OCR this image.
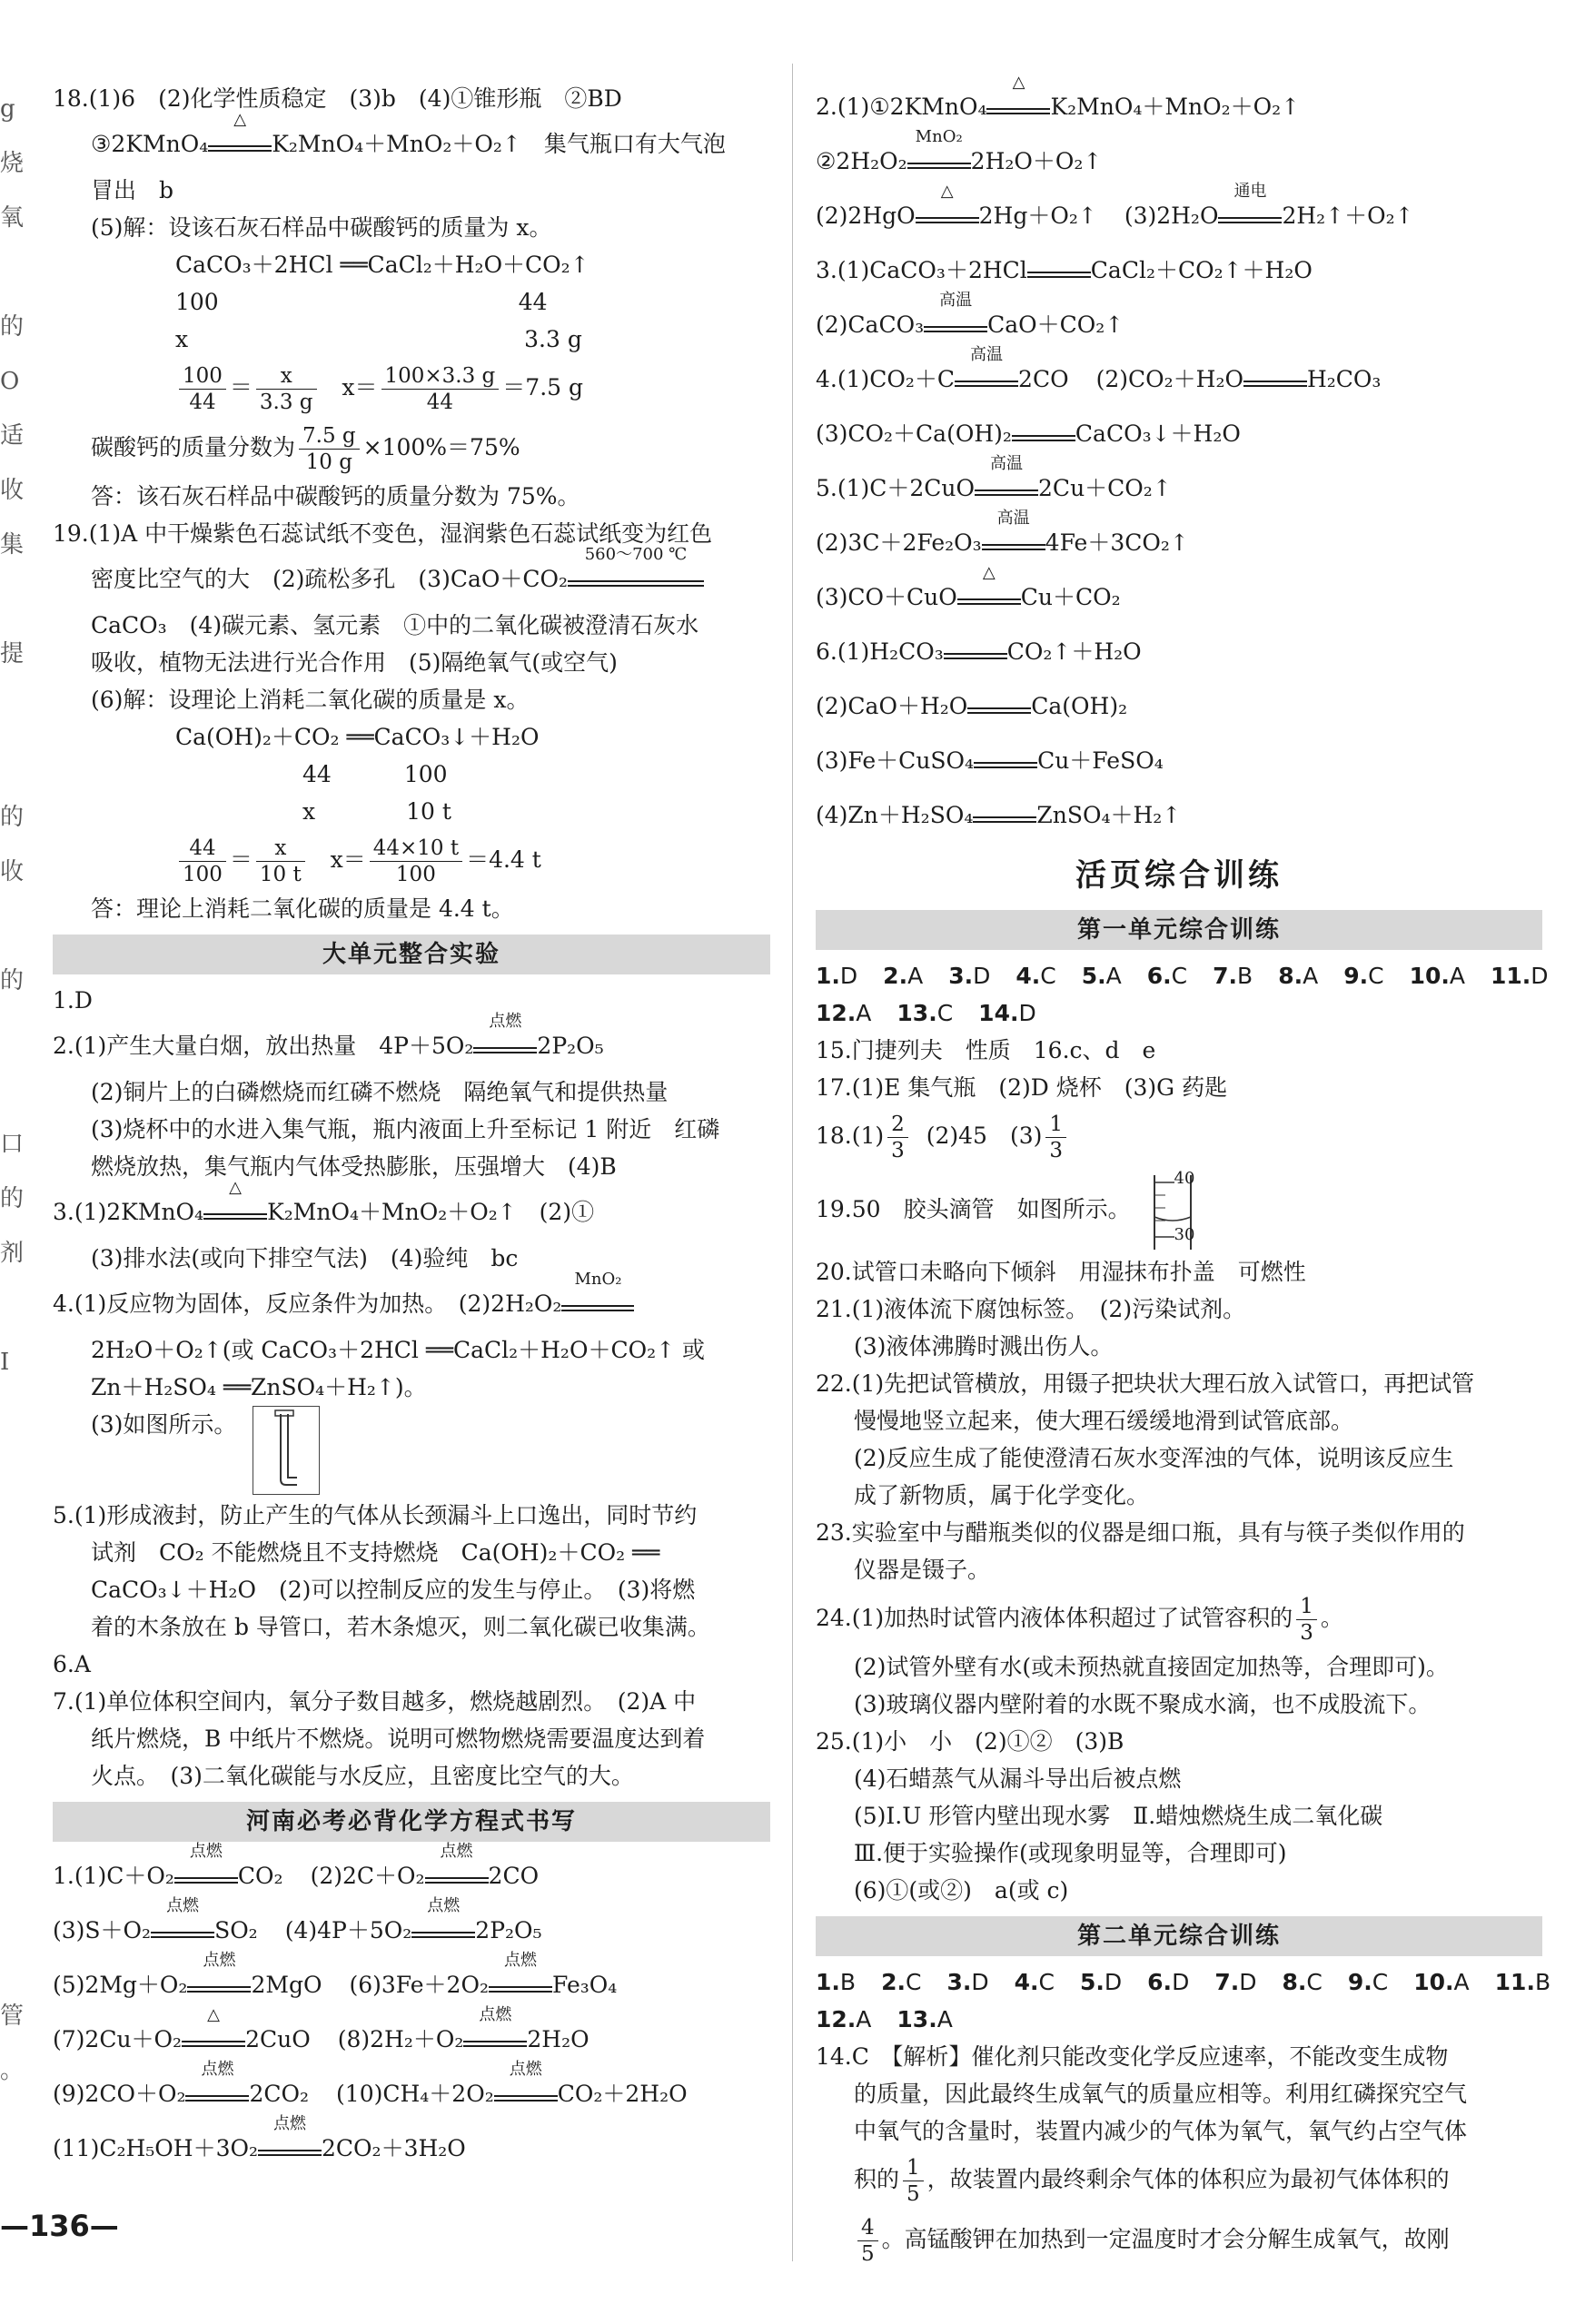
g
烧
氧
的
O
适
收
集
提
的
收
的
口
的
剂
Ⅰ
管
。
18.(1)6　(2)化学性质稳定　(3)b　(4)①锥形瓶　②BD
③2KMnO₄
△
K₂MnO₄＋MnO₂＋O₂↑　集气瓶口有大气泡
冒出　b
(5)解：设该石灰石样品中碳酸钙的质量为 x。
CaCO₃＋2HCl ══CaCl₂＋H₂O＋CO₂↑
100	44
x	3.3 g
$\frac{100}{44} = \frac{x}{3.3 g} x= \frac{100\times 3.3 g}{44} =7.5$ g
碳酸钙的质量分数为 $\frac{7.5 g}{10 g} \times 100\%=75\%$
答：该石灰石样品中碳酸钙的质量分数为 75%。
19.(1)A 中干燥紫色石蕊试纸不变色，湿润紫色石蕊试纸变为红色
密度比空气的大　(2)疏松多孔　(3)CaO＋CO₂
560～700 ℃
CaCO₃　(4)碳元素、氢元素　①中的二氧化碳被澄清石灰水
吸收，植物无法进行光合作用　(5)隔绝氧气(或空气)
(6)解：设理论上消耗二氧化碳的质量是 x。
Ca(OH)₂＋CO₂ ══CaCO₃↓＋H₂O
44	100
x	10 t
$\frac{44}{100} = \frac{x}{10 t} x= \frac{44\times 10 t}{100} =4.4$ t
答：理论上消耗二氧化碳的质量是 4.4 t。
大单元整合实验
1.D
2.(1)产生大量白烟，放出热量　4P＋5O₂
点燃
2P₂O₅
(2)铜片上的白磷燃烧而红磷不燃烧　隔绝氧气和提供热量
(3)烧杯中的水进入集气瓶，瓶内液面上升至标记 1 附近　红磷
燃烧放热，集气瓶内气体受热膨胀，压强增大　(4)B
3.(1)2KMnO₄
△
K₂MnO₄＋MnO₂＋O₂↑　(2)①
(3)排水法(或向下排空气法)　(4)验纯　bc
4.(1)反应物为固体，反应条件为加热。　(2)2H₂O₂
MnO₂
2H₂O＋O₂↑(或 CaCO₃＋2HCl ══CaCl₂＋H₂O＋CO₂↑ 或
Zn＋H₂SO₄ ══ZnSO₄＋H₂↑)。
(3)如图所示。
5.(1)形成液封，防止产生的气体从长颈漏斗上口逸出，同时节约
试剂　CO₂ 不能燃烧且不支持燃烧　Ca(OH)₂＋CO₂ ══
CaCO₃↓＋H₂O　(2)可以控制反应的发生与停止。　(3)将燃
着的木条放在 b 导管口，若木条熄灭，则二氧化碳已收集满。
6.A
7.(1)单位体积空间内，氧分子数目越多，燃烧越剧烈。　(2)A 中
纸片燃烧，B 中纸片不燃烧。说明可燃物燃烧需要温度达到着
火点。　(3)二氧化碳能与水反应，且密度比空气的大。
河南必考必背化学方程式书写
1.(1)C＋O₂
点燃
CO₂ (2)2C＋O₂
点燃
2CO
(3)S＋O₂
点燃
SO₂ (4)4P＋5O₂
点燃
2P₂O₅
(5)2Mg＋O₂
点燃
2MgO (6)3Fe＋2O₂
点燃
Fe₃O₄
(7)2Cu＋O₂
△
2CuO (8)2H₂＋O₂
点燃
2H₂O
(9)2CO＋O₂
点燃
2CO₂ (10)CH₄＋2O₂
点燃
CO₂＋2H₂O
(11)C₂H₅OH＋3O₂
点燃
2CO₂＋3H₂O
2.(1)①2KMnO₄
△
K₂MnO₄＋MnO₂＋O₂↑
②2H₂O₂
MnO₂
2H₂O＋O₂↑
(2)2HgO
△
2Hg＋O₂↑ (3)2H₂O
通电
2H₂↑＋O₂↑
3.(1)CaCO₃＋2HCl	CaCl₂＋CO₂↑＋H₂O
(2)CaCO₃
高温
CaO＋CO₂↑
4.(1)CO₂＋C
高温
2CO (2)CO₂＋H₂O	H₂CO₃
(3)CO₂＋Ca(OH)₂	CaCO₃↓＋H₂O
5.(1)C＋2CuO
高温
2Cu＋CO₂↑
(2)3C＋2Fe₂O₃
高温
4Fe＋3CO₂↑
(3)CO＋CuO
△
Cu＋CO₂
6.(1)H₂CO₃	CO₂↑＋H₂O
(2)CaO＋H₂O	Ca(OH)₂
(3)Fe＋CuSO₄	Cu＋FeSO₄
(4)Zn＋H₂SO₄	ZnSO₄＋H₂↑
活页综合训练
第一单元综合训练
1.D 2.A 3.D 4.C 5.A 6.C 7.B 8.A 9.C 10.A 11.D
12.A 13.C 14.D
15.门捷列夫　性质　16.c、d　e
17.(1)E 集气瓶　(2)D 烧杯　(3)G 药匙
$18.(1) \frac{2}{3} (2)45$　$(3) \frac{1}{3}$
19.50　胶头滴管　如图所示。
40
30
20.试管口未略向下倾斜　用湿抹布扑盖　可燃性
21.(1)液体流下腐蚀标签。　(2)污染试剂。
(3)液体沸腾时溅出伤人。
22.(1)先把试管横放，用镊子把块状大理石放入试管口，再把试管
慢慢地竖立起来，使大理石缓缓地滑到试管底部。
(2)反应生成了能使澄清石灰水变浑浊的气体，说明该反应生
成了新物质，属于化学变化。
23.实验室中与醋瓶类似的仪器是细口瓶，具有与筷子类似作用的
仪器是镊子。
24.(1)加热时试管内液体体积超过了试管容积的 $\frac{1}{3}$ 。
(2)试管外壁有水(或未预热就直接固定加热等，合理即可)。
(3)玻璃仪器内壁附着的水既不聚成水滴，也不成股流下。
25.(1)小　小　(2)①②　(3)B
(4)石蜡蒸气从漏斗导出后被点燃
(5)Ⅰ.U 形管内壁出现水雾　Ⅱ.蜡烛燃烧生成二氧化碳
Ⅲ.便于实验操作(或现象明显等，合理即可)
(6)①(或②)　a(或 c)
第二单元综合训练
1.B 2.C 3.D 4.C 5.D 6.D 7.D 8.C 9.C 10.A 11.B
12.A 13.A
14.C　【解析】催化剂只能改变化学反应速率，不能改变生成物
的质量，因此最终生成氧气的质量应相等。利用红磷探究空气
中氧气的含量时，装置内减少的气体为氧气，氧气约占空气体
积的 $\frac{1}{5}$ ，故装置内最终剩余气体的体积应为最初气体体积的
$\frac{4}{5}$ 。高锰酸钾在加热到一定温度时才会分解生成氧气，故刚
—136—
